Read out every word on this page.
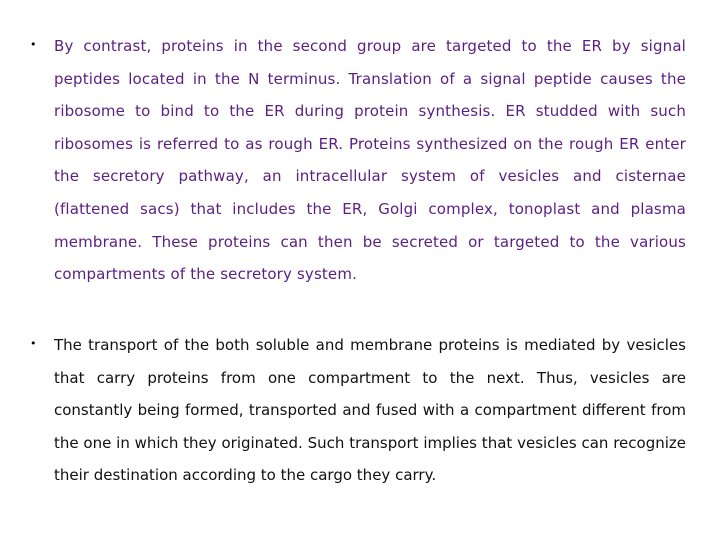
• By contrast, proteins in the second group are targeted to the ER by signal peptides located in the N terminus. Translation of a signal peptide causes the ribosome to bind to the ER during protein synthesis. ER studded with such ribosomes is referred to as rough ER. Proteins synthesized on the rough ER enter the secretory pathway, an intracellular system of vesicles and cisternae (flattened sacs) that includes the ER, Golgi complex, tonoplast and plasma membrane. These proteins can then be secreted or targeted to the various compartments of the secretory system.

• The transport of the both soluble and membrane proteins is mediated by vesicles that carry proteins from one compartment to the next. Thus, vesicles are constantly being formed, transported and fused with a compartment different from the one in which they originated. Such transport implies that vesicles can recognize their destination according to the cargo they carry.
